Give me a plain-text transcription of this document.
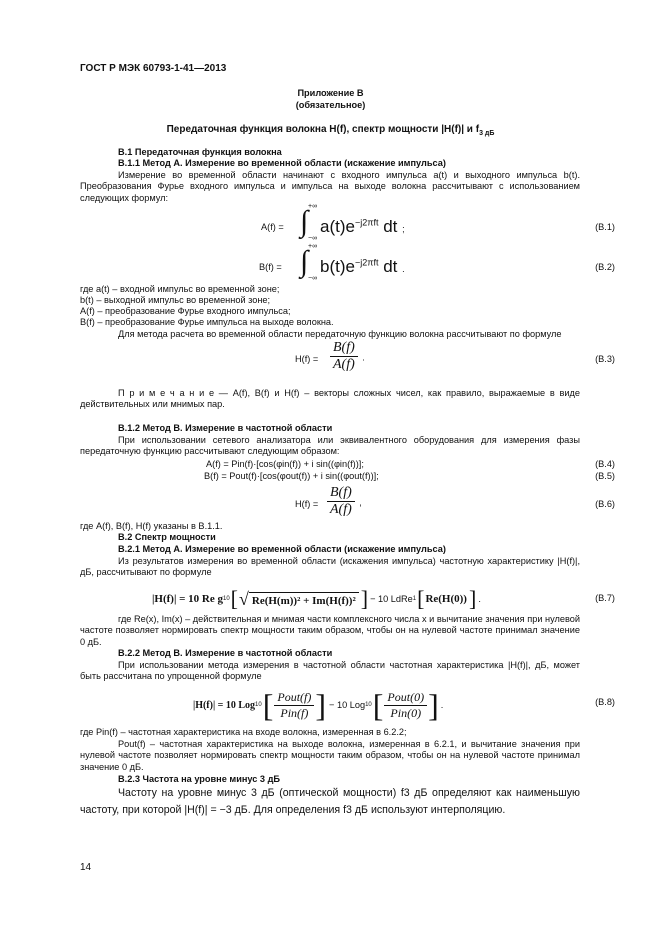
ГОСТ Р МЭК 60793-1-41—2013
Приложение В
(обязательное)
Передаточная функция волокна H(f), спектр мощности |H(f)| и $f_{3 дБ}$
В.1 Передаточная функция волокна
В.1.1 Метод А. Измерение во временной области (искажение импульса)

Измерение во временной области начинают с входного импульса a(t) и выходного импульса b(t). Преобразования Фурье входного импульса и импульса на выходе волокна рассчитывают с использованием следующих формул:

A(f) =
+∞
∫
−∞
$a(t)e^{-j2\pi ft}$ dt ;	(В.1)
B(f) =
+∞
∫
−∞
$b(t)e^{-j2\pi ft}$ dt .	(В.2)
где a(t) – входной импульс во временной зоне;
b(t) – выходной импульс во временной зоне;
A(f) – преобразование Фурье входного импульса;
B(f) – преобразование Фурье импульса на выходе волокна.
Для метода расчета во временной области передаточную функцию волокна рассчитывают по формуле
$H(f) = \frac{B(f)}{A(f)}$ .	(В.3)

П р и м е ч а н и е — A(f), B(f) и H(f) – векторы сложных чисел, как правило, выражаемые в виде действительных или мнимых пар.

В.1.2 Метод В. Измерение в частотной области

При использовании сетевого анализатора или эквивалентного оборудования для измерения фазы передаточную функцию рассчитывают следующим образом:

A(f) = Pin(f)·[cos(φin(f)) + i sin((φin(f))];	(В.4)
B(f) = Pout(f)·[cos(φout(f)) + i sin((φout(f))];	(В.5)
$H(f) = \frac{B(f)}{A(f)}$ ,	(В.6)
где A(f), B(f), H(f) указаны в В.1.1.
В.2 Спектр мощности
В.2.1 Метод А. Измерение во временной области (искажение импульса)

Из результатов измерения во временной области (искажения импульса) частотную характеристику |H(f)|, дБ, рассчитывают по формуле

|H(f)| = 10 Re g 10 [ √ Re(H(m))² + Im(H(f))² ] − 10 LdRe 1 [ Re(H(0)) ] .	(В.7)

где Re(x), Im(x) – действительная и мнимая части комплексного числа x и вычитание значения при нулевой частоте позволяет нормировать спектр мощности таким образом, чтобы он на нулевой частоте принимал значение 0 дБ.

В.2.2 Метод В. Измерение в частотной области

При использовании метода измерения в частотной области частотная характеристика |H(f)|, дБ, может быть рассчитана по упрощенной формуле

|H(f)| = 10 Log 10 [ $\frac{\text{Pout(f)}}{\text{Pin(f)}}$ ] − 10 Log 10 [ $\frac{\text{Pout(0)}}{\text{Pin(0)}}$ ] .	(В.8)
где Pin(f) – частотная характеристика на входе волокна, измеренная в 6.2.2;

Pout(f) – частотная характеристика на выходе волокна, измеренная в 6.2.1, и вычитание значения при нулевой частоте позволяет нормировать спектр мощности таким образом, чтобы он на нулевой частоте принимал значение 0 дБ.

В.2.3 Частота на уровне минус 3 дБ

Частоту на уровне минус 3 дБ (оптической мощности) f3 дБ определяют как наименьшую частоту, при которой |H(f)| = −3 дБ. Для определения f3 дБ используют интерполяцию.

14
